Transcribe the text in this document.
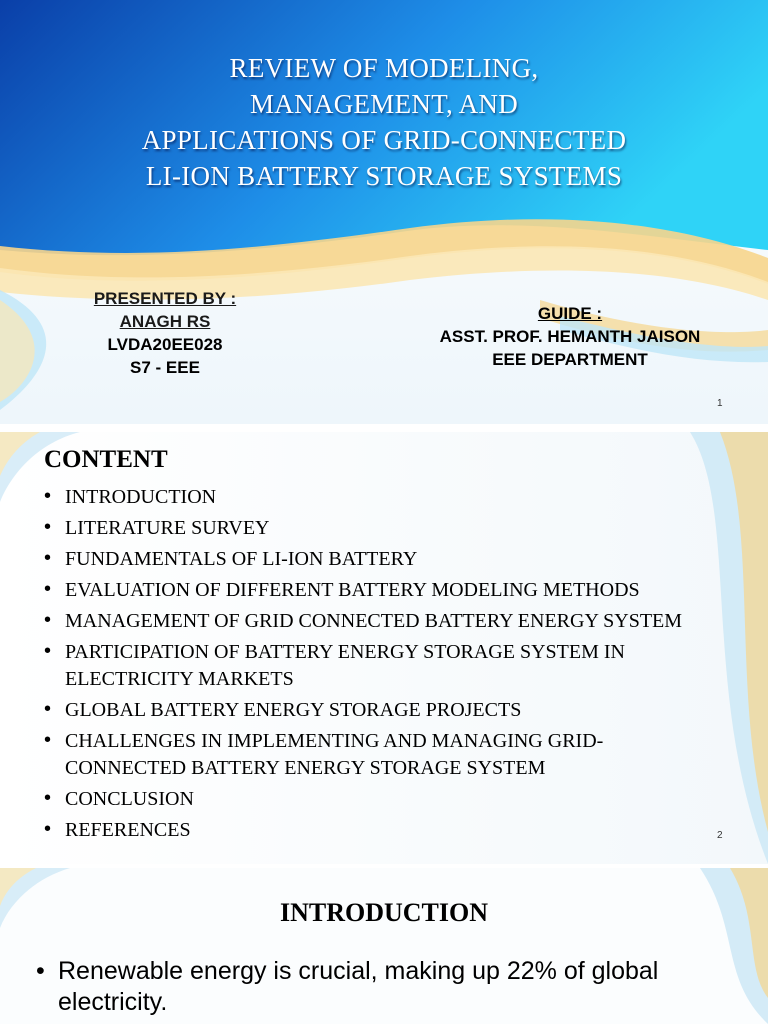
REVIEW OF MODELING,
MANAGEMENT, AND
APPLICATIONS OF GRID-CONNECTED
LI-ION BATTERY STORAGE SYSTEMS
PRESENTED BY :
ANAGH RS
LVDA20EE028
S7 - EEE
GUIDE :
ASST. PROF. HEMANTH JAISON
EEE DEPARTMENT
1
CONTENT
• INTRODUCTION
• LITERATURE SURVEY
• FUNDAMENTALS OF LI-ION BATTERY
• EVALUATION OF DIFFERENT BATTERY MODELING METHODS
• MANAGEMENT OF GRID CONNECTED BATTERY ENERGY SYSTEM
• PARTICIPATION OF BATTERY ENERGY STORAGE SYSTEM IN ELECTRICITY MARKETS
• GLOBAL BATTERY ENERGY STORAGE PROJECTS
• CHALLENGES IN IMPLEMENTING AND MANAGING GRID-CONNECTED BATTERY ENERGY STORAGE SYSTEM
• CONCLUSION
• REFERENCES	2
INTRODUCTION
• Renewable energy is crucial, making up 22% of global electricity.
